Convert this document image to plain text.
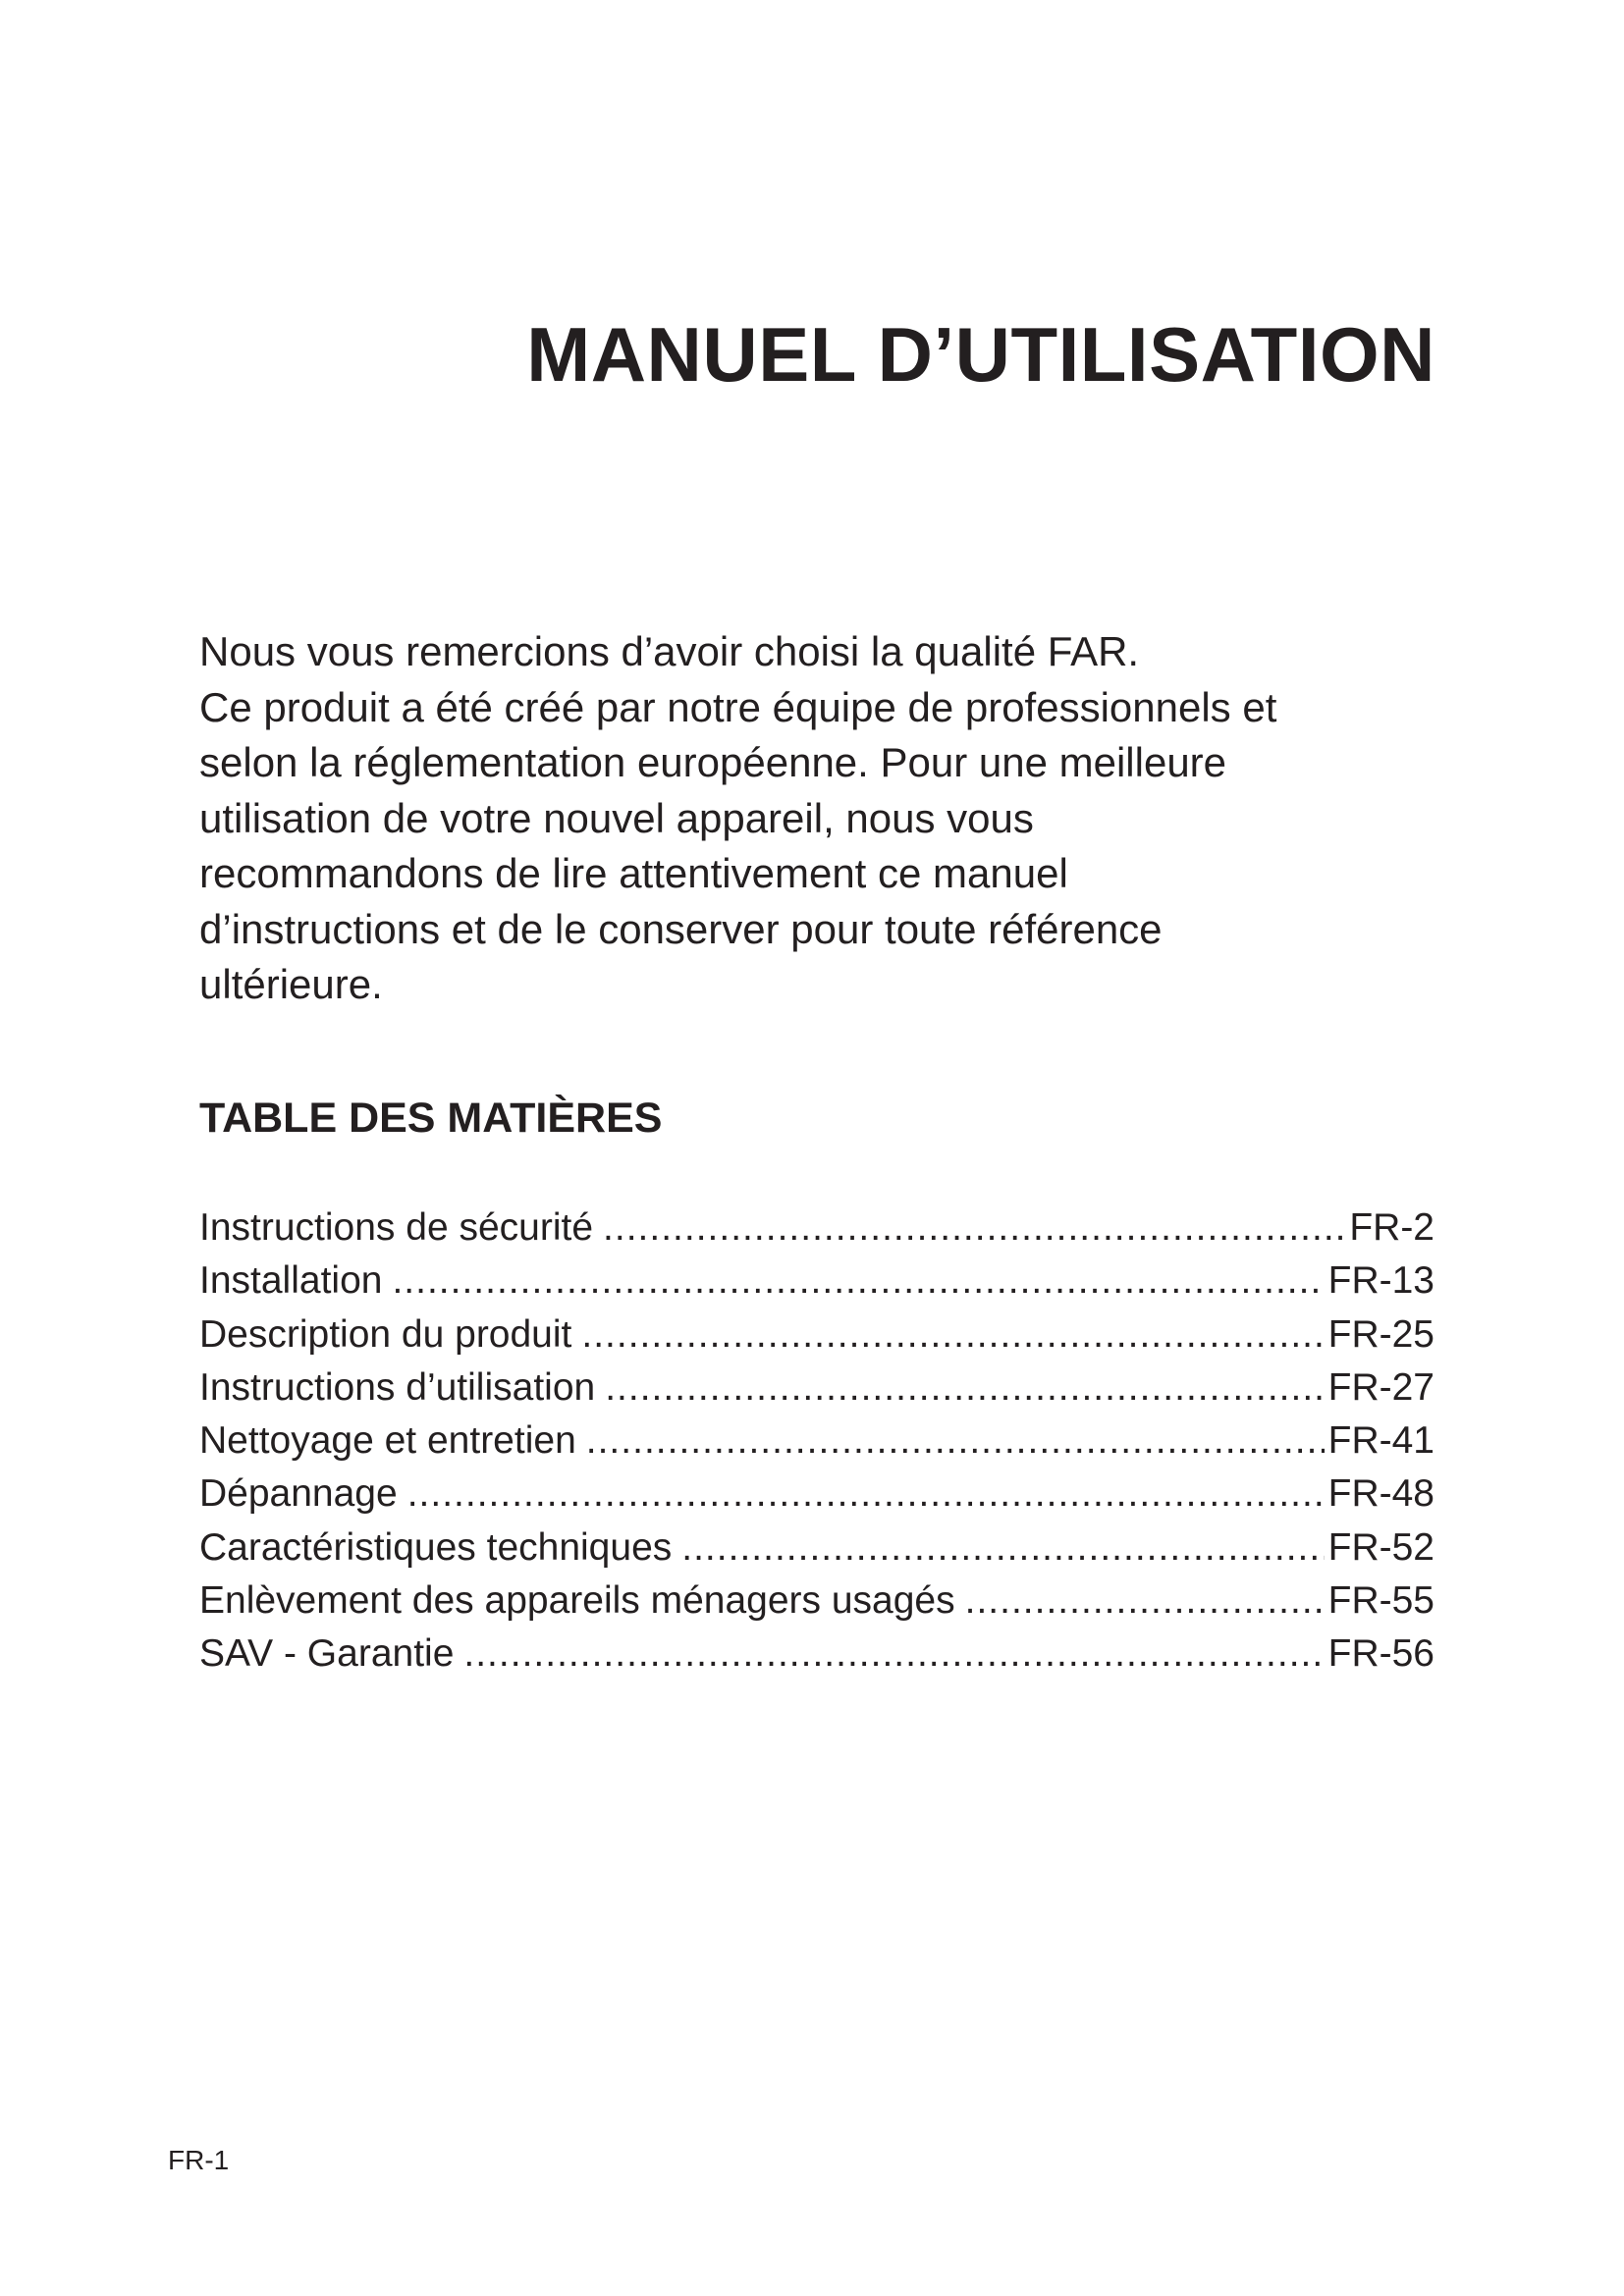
MANUEL D’UTILISATION

Nous vous remercions d’avoir choisi la qualité FAR.
Ce produit a été créé par notre équipe de professionnels et
selon la réglementation européenne. Pour une meilleure
utilisation de votre nouvel appareil, nous vous
recommandons de lire attentivement ce manuel
d’instructions et de le conserver pour toute référence
ultérieure.

TABLE DES MATIÈRES
Instructions de sécurité .....	FR-2
Installation .....	FR-13
Description du produit .....	FR-25
Instructions d’utilisation .....	FR-27
Nettoyage et entretien .....	FR-41
Dépannage .....	FR-48
Caractéristiques techniques .....	FR-52
Enlèvement des appareils ménagers usagés .....	FR-55
SAV - Garantie .....	FR-56

FR-1
